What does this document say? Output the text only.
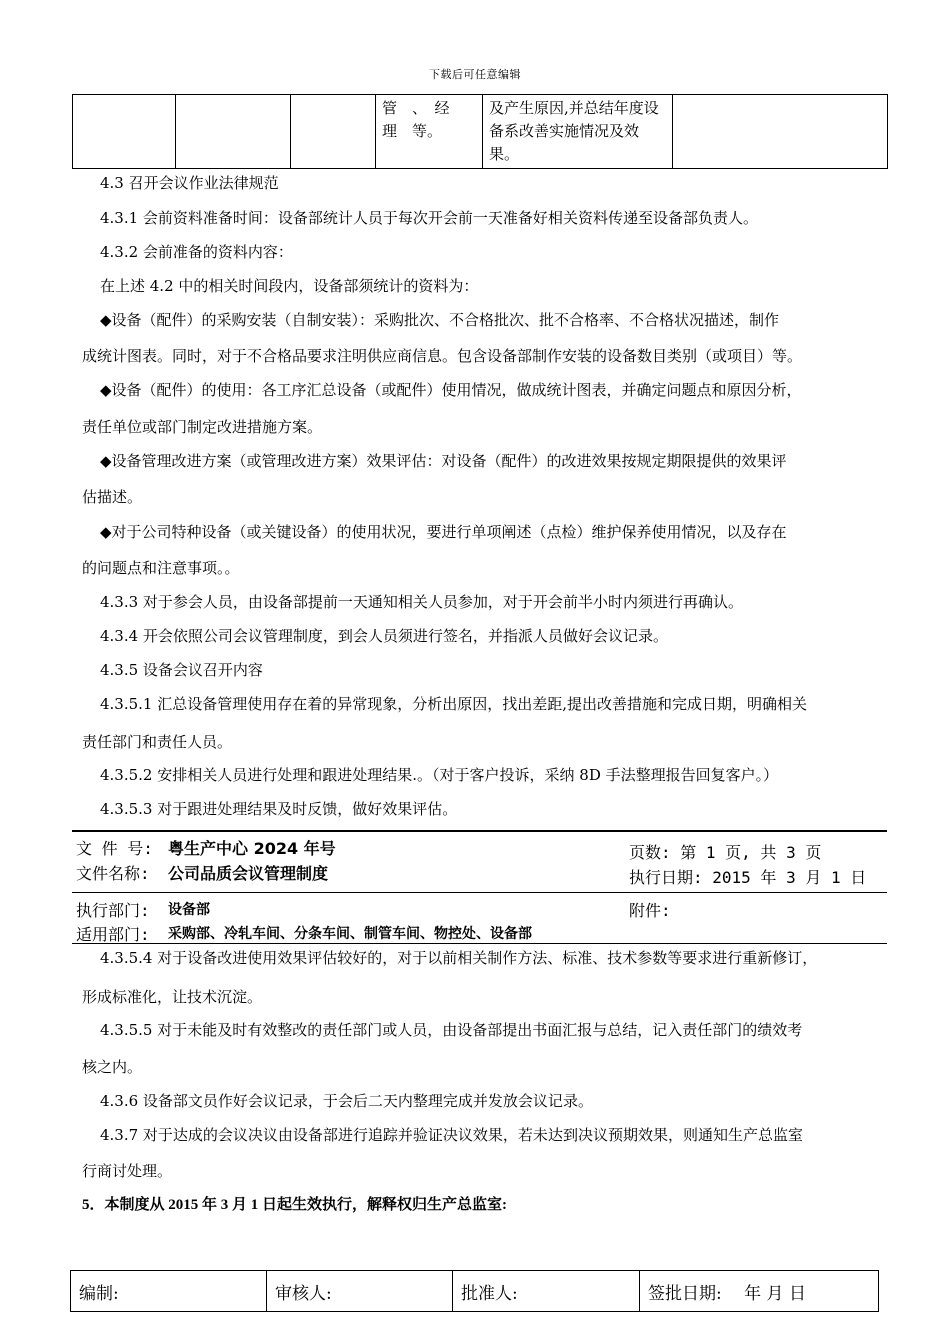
下载后可任意编辑
			管　、　经　理　等。	及产生原因,并总结年度设备系改善实施情况及效果。	
4.3 召开会议作业法律规范
4.3.1 会前资料准备时间：设备部统计人员于每次开会前一天准备好相关资料传递至设备部负责人。
4.3.2 会前准备的资料内容：
在上述 4.2 中的相关时间段内，设备部须统计的资料为：
◆设备（配件）的采购安装（自制安装）：采购批次、不合格批次、批不合格率、不合格状况描述，制作
成统计图表。同时，对于不合格品要求注明供应商信息。包含设备部制作安装的设备数目类别（或项目）等。
◆设备（配件）的使用：各工序汇总设备（或配件）使用情况，做成统计图表，并确定问题点和原因分析，
责任单位或部门制定改进措施方案。
◆设备管理改进方案（或管理改进方案）效果评估：对设备（配件）的改进效果按规定期限提供的效果评
估描述。
◆对于公司特种设备（或关键设备）的使用状况，要进行单项阐述（点检）维护保养使用情况，以及存在
的问题点和注意事项。。
4.3.3 对于参会人员，由设备部提前一天通知相关人员参加，对于开会前半小时内须进行再确认。
4.3.4 开会依照公司会议管理制度，到会人员须进行签名，并指派人员做好会议记录。
4.3.5 设备会议召开内容
4.3.5.1 汇总设备管理使用存在着的异常现象，分析出原因，找出差距,提出改善措施和完成日期，明确相关
责任部门和责任人员。
4.3.5.2 安排相关人员进行处理和跟进处理结果.。（对于客户投诉，采纳 8D 手法整理报告回复客户。）
4.3.5.3 对于跟进处理结果及时反馈，做好效果评估。
文 件 号: 粤生产中心 2024 年号	页数: 第 1 页, 共 3 页
文件名称: 公司品质会议管理制度	执行日期: 2015 年 3 月 1 日
执行部门: 设备部	附件:
适用部门: 采购部、冷轧车间、分条车间、制管车间、物控处、设备部
4.3.5.4 对于设备改进使用效果评估较好的，对于以前相关制作方法、标准、技术参数等要求进行重新修订，
形成标准化，让技术沉淀。
4.3.5.5 对于未能及时有效整改的责任部门或人员，由设备部提出书面汇报与总结，记入责任部门的绩效考
核之内。
4.3.6 设备部文员作好会议记录，于会后二天内整理完成并发放会议记录。
4.3.7 对于达成的会议决议由设备部进行追踪并验证决议效果，若未达到决议预期效果，则通知生产总监室
行商讨处理。
5．本制度从 2015 年 3 月 1 日起生效执行，解释权归生产总监室:
编制:	审核人:	批准人:	签批日期:　 年 月 日
